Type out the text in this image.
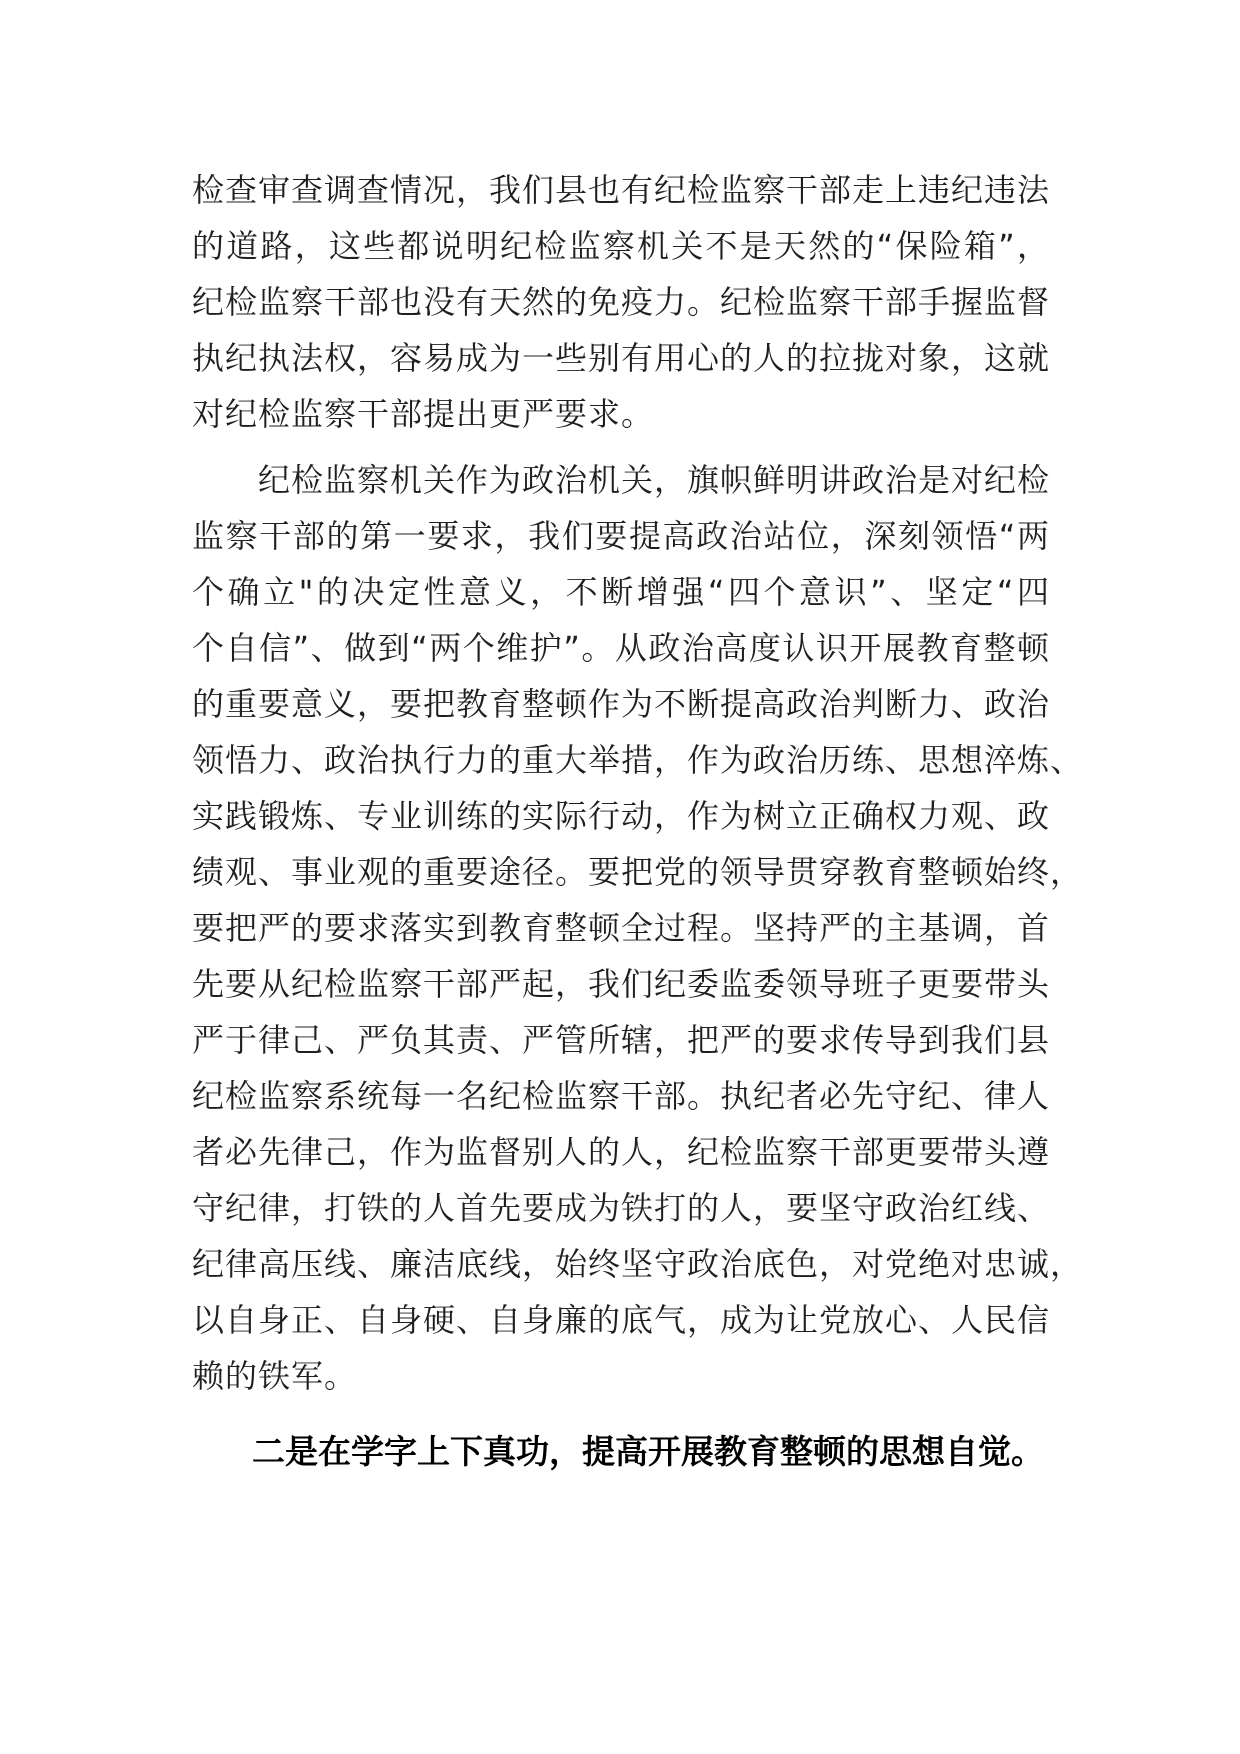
检查审查调查情况，我们县也有纪检监察干部走上违纪违法
的道路，这些都说明纪检监察机关不是天然的“保险箱”，
纪检监察干部也没有天然的免疫力。纪检监察干部手握监督
执纪执法权，容易成为一些别有用心的人的拉拢对象，这就
对纪检监察干部提出更严要求。
纪检监察机关作为政治机关，旗帜鲜明讲政治是对纪检
监察干部的第一要求，我们要提高政治站位，深刻领悟“两
个确立"的决定性意义，不断增强“四个意识”、坚定“四
个自信”、做到“两个维护”。从政治高度认识开展教育整顿
的重要意义，要把教育整顿作为不断提高政治判断力、政治
领悟力、政治执行力的重大举措，作为政治历练、思想淬炼、
实践锻炼、专业训练的实际行动，作为树立正确权力观、政
绩观、事业观的重要途径。要把党的领导贯穿教育整顿始终，
要把严的要求落实到教育整顿全过程。坚持严的主基调，首
先要从纪检监察干部严起，我们纪委监委领导班子更要带头
严于律己、严负其责、严管所辖，把严的要求传导到我们县
纪检监察系统每一名纪检监察干部。执纪者必先守纪、律人
者必先律己，作为监督别人的人，纪检监察干部更要带头遵
守纪律，打铁的人首先要成为铁打的人，要坚守政治红线、
纪律高压线、廉洁底线，始终坚守政治底色，对党绝对忠诚，
以自身正、自身硬、自身廉的底气，成为让党放心、人民信
赖的铁军。
二是在学字上下真功，提高开展教育整顿的思想自觉。
